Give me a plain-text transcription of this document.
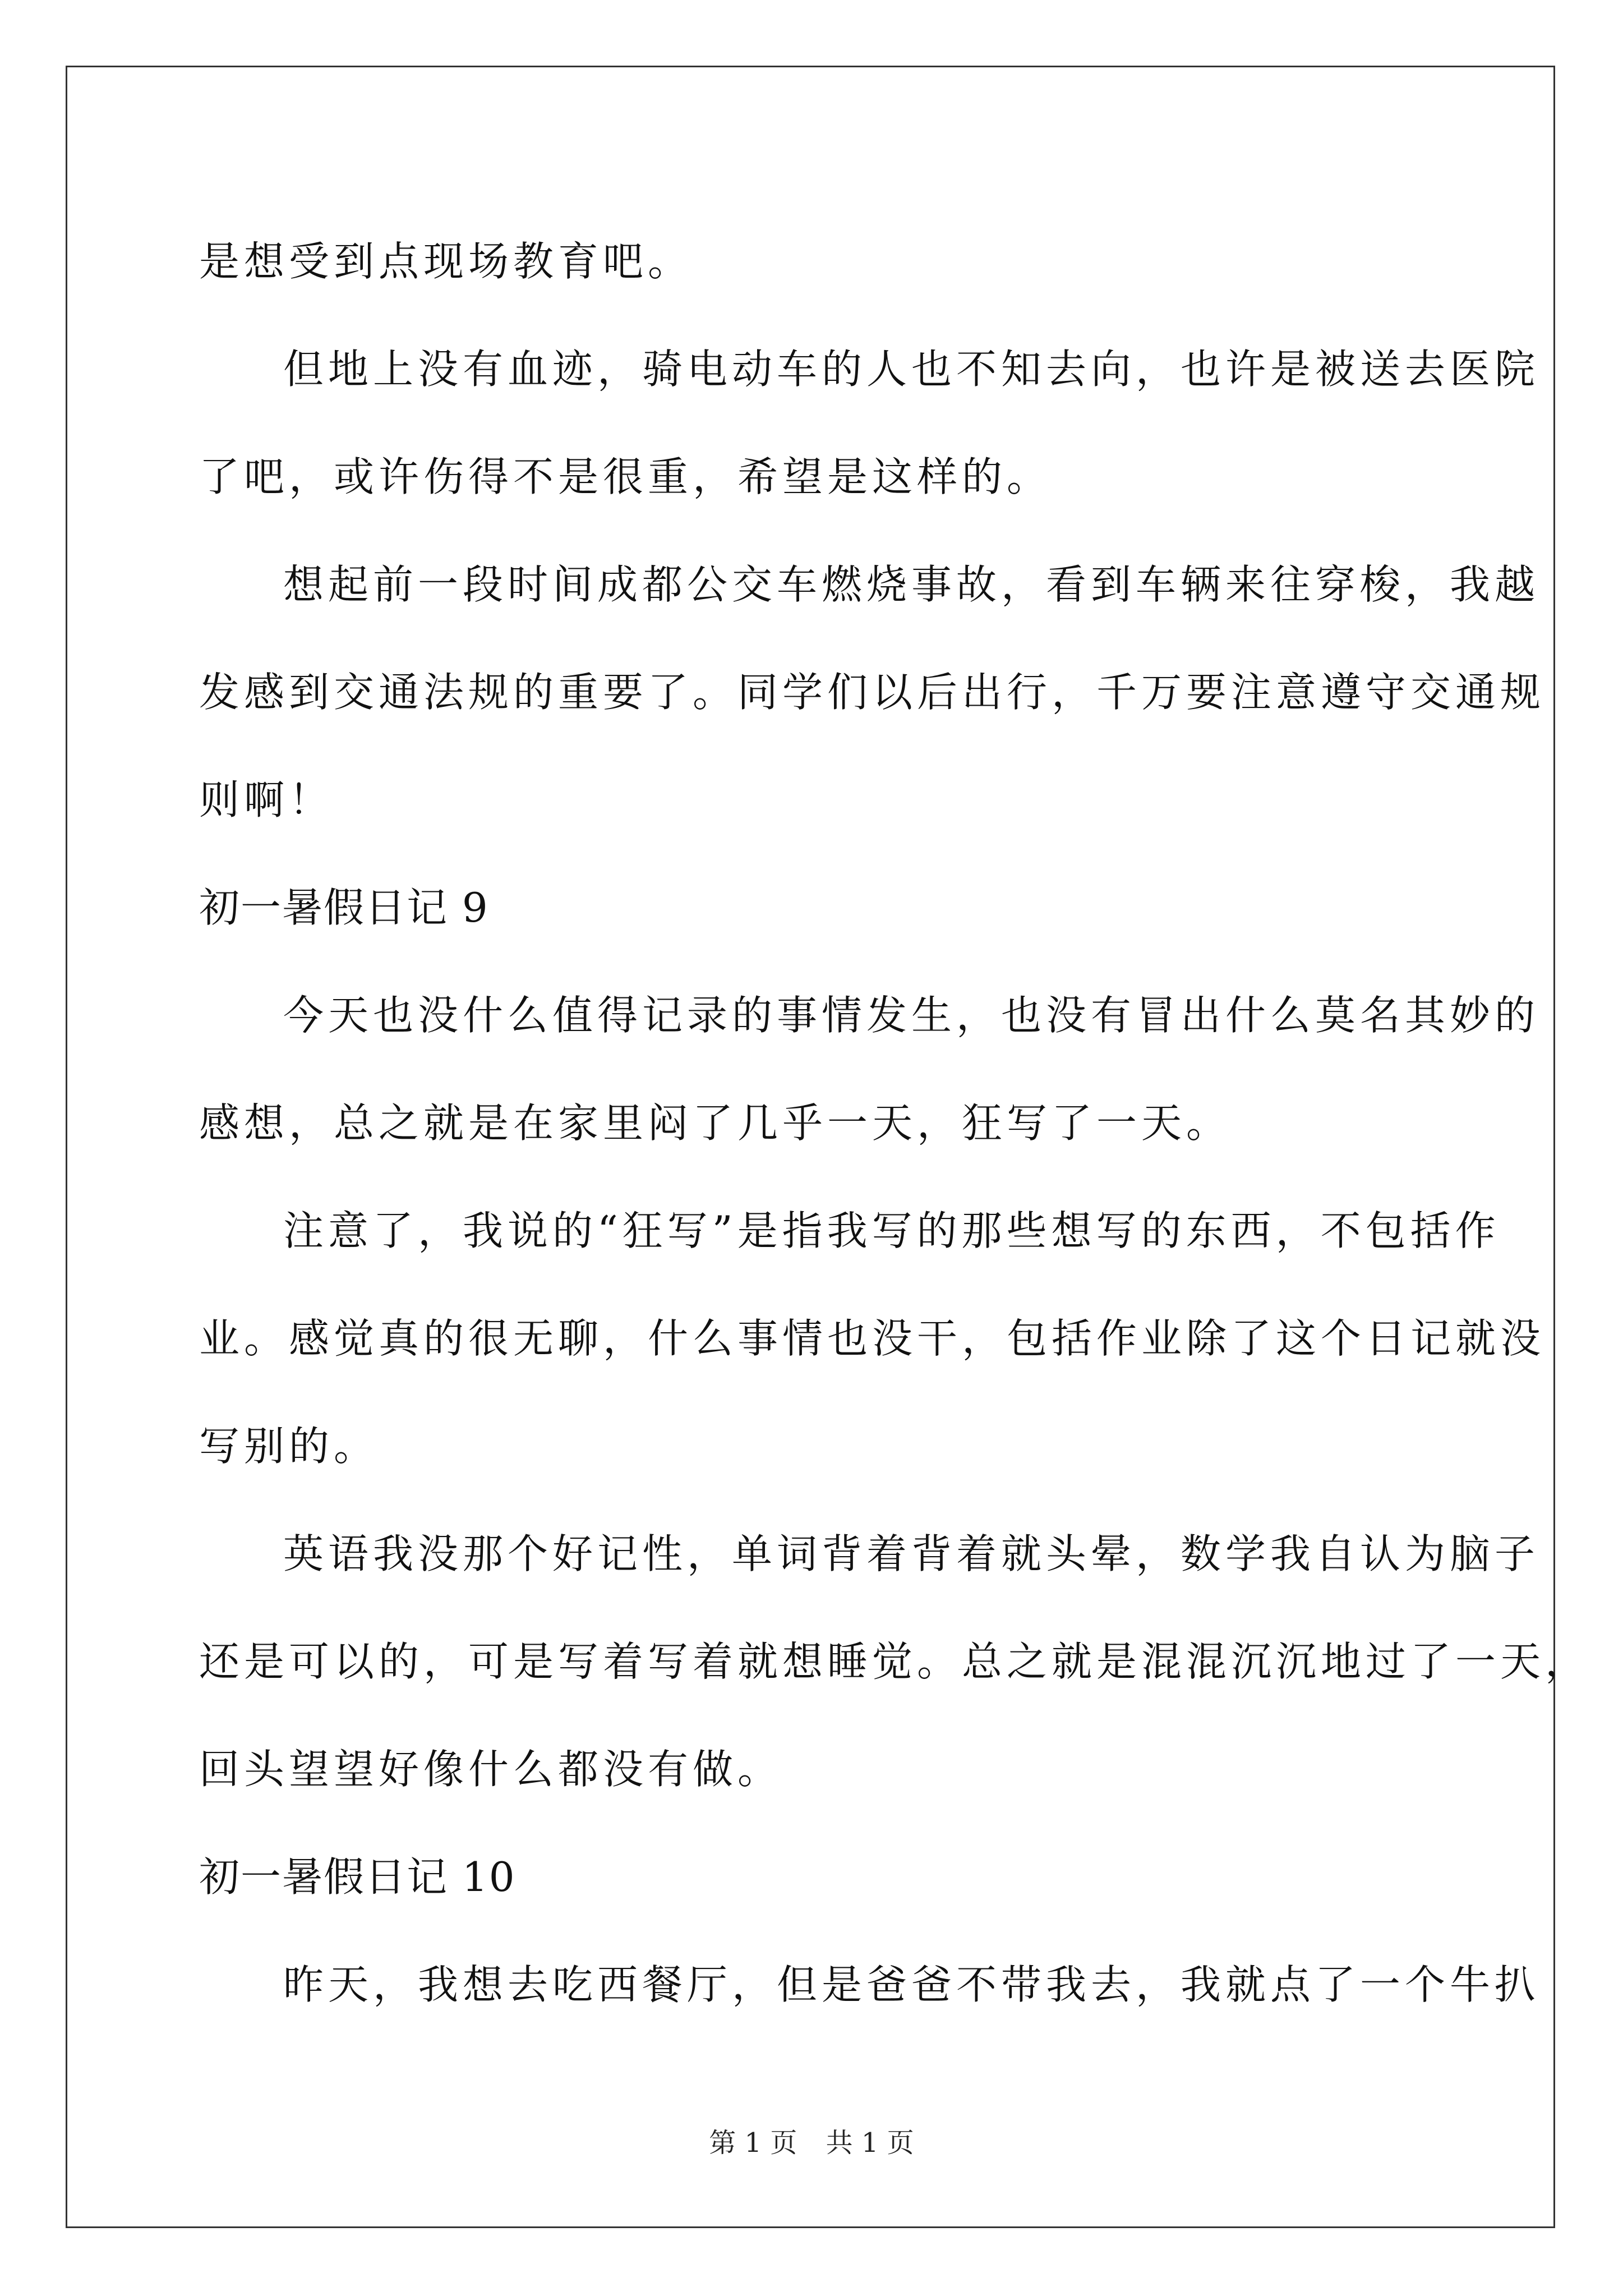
是想受到点现场教育吧。
但地上没有血迹，骑电动车的人也不知去向，也许是被送去医院
了吧，或许伤得不是很重，希望是这样的。
想起前一段时间成都公交车燃烧事故，看到车辆来往穿梭，我越
发感到交通法规的重要了。同学们以后出行，千万要注意遵守交通规
则啊！
初一暑假日记 9
今天也没什么值得记录的事情发生，也没有冒出什么莫名其妙的
感想，总之就是在家里闷了几乎一天，狂写了一天。
注意了，我说的“狂写”是指我写的那些想写的东西，不包括作
业。感觉真的很无聊，什么事情也没干，包括作业除了这个日记就没
写别的。
英语我没那个好记性，单词背着背着就头晕，数学我自认为脑子
还是可以的，可是写着写着就想睡觉。总之就是混混沉沉地过了一天，
回头望望好像什么都没有做。
初一暑假日记 10
昨天，我想去吃西餐厅，但是爸爸不带我去，我就点了一个牛扒
第 1 页 共 1 页
